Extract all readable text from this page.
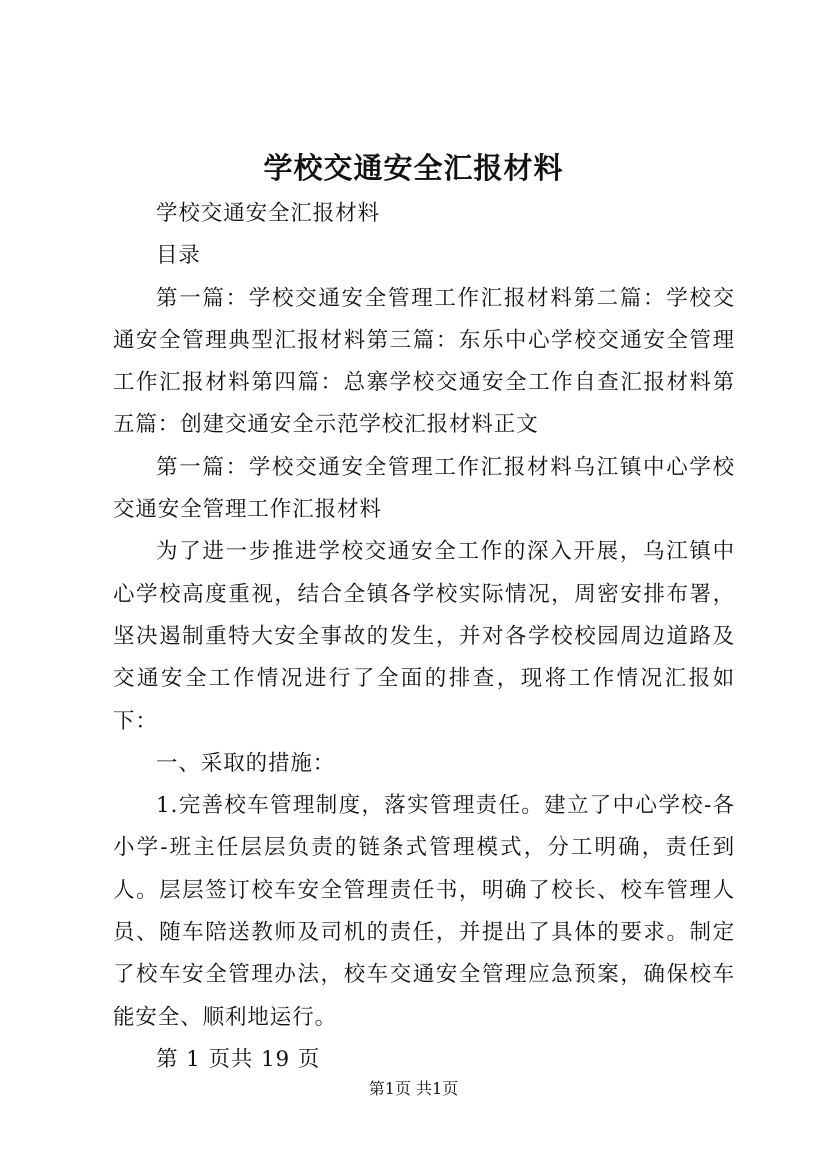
学校交通安全汇报材料

学校交通安全汇报材料

目录

第一篇：学校交通安全管理工作汇报材料第二篇：学校交通安全管理典型汇报材料第三篇：东乐中心学校交通安全管理工作汇报材料第四篇：总寨学校交通安全工作自查汇报材料第五篇：创建交通安全示范学校汇报材料正文

第一篇：学校交通安全管理工作汇报材料乌江镇中心学校交通安全管理工作汇报材料

为了进一步推进学校交通安全工作的深入开展，乌江镇中心学校高度重视，结合全镇各学校实际情况，周密安排布署，坚决遏制重特大安全事故的发生，并对各学校校园周边道路及交通安全工作情况进行了全面的排查，现将工作情况汇报如下：

一、采取的措施：

1.完善校车管理制度，落实管理责任。建立了中心学校-各小学-班主任层层负责的链条式管理模式，分工明确，责任到人。层层签订校车安全管理责任书，明确了校长、校车管理人员、随车陪送教师及司机的责任，并提出了具体的要求。制定了校车安全管理办法，校车交通安全管理应急预案，确保校车能安全、顺利地运行。

第 1 页共 19 页

第1页 共1页
